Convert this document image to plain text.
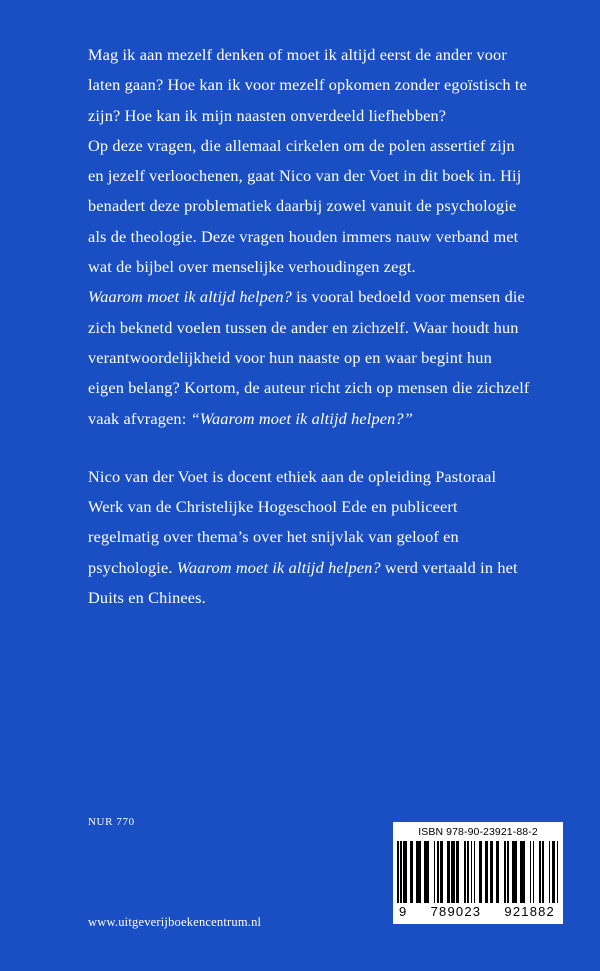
Mag ik aan mezelf denken of moet ik altijd eerst de ander voor laten gaan? Hoe kan ik voor mezelf opkomen zonder egoïstisch te zijn? Hoe kan ik mijn naasten onverdeeld liefhebben?

Op deze vragen, die allemaal cirkelen om de polen assertief zijn en jezelf verloochenen, gaat Nico van der Voet in dit boek in. Hij benadert deze problematiek daarbij zowel vanuit de psychologie als de theologie. Deze vragen houden immers nauw verband met wat de bijbel over menselijke verhoudingen zegt.

Waarom moet ik altijd helpen? is vooral bedoeld voor mensen die zich beknetd voelen tussen de ander en zichzelf. Waar houdt hun verantwoordelijkheid voor hun naaste op en waar begint hun eigen belang? Kortom, de auteur richt zich op mensen die zichzelf vaak afvragen: “Waarom moet ik altijd helpen?”

Nico van der Voet is docent ethiek aan de opleiding Pastoraal Werk van de Christelijke Hogeschool Ede en publiceert regelmatig over thema’s over het snijvlak van geloof en psychologie. Waarom moet ik altijd helpen? werd vertaald in het Duits en Chinees.
NUR 770
www.uitgeverijboekencentrum.nl
ISBN 978-90-23921-88-2
9 789023 921882
